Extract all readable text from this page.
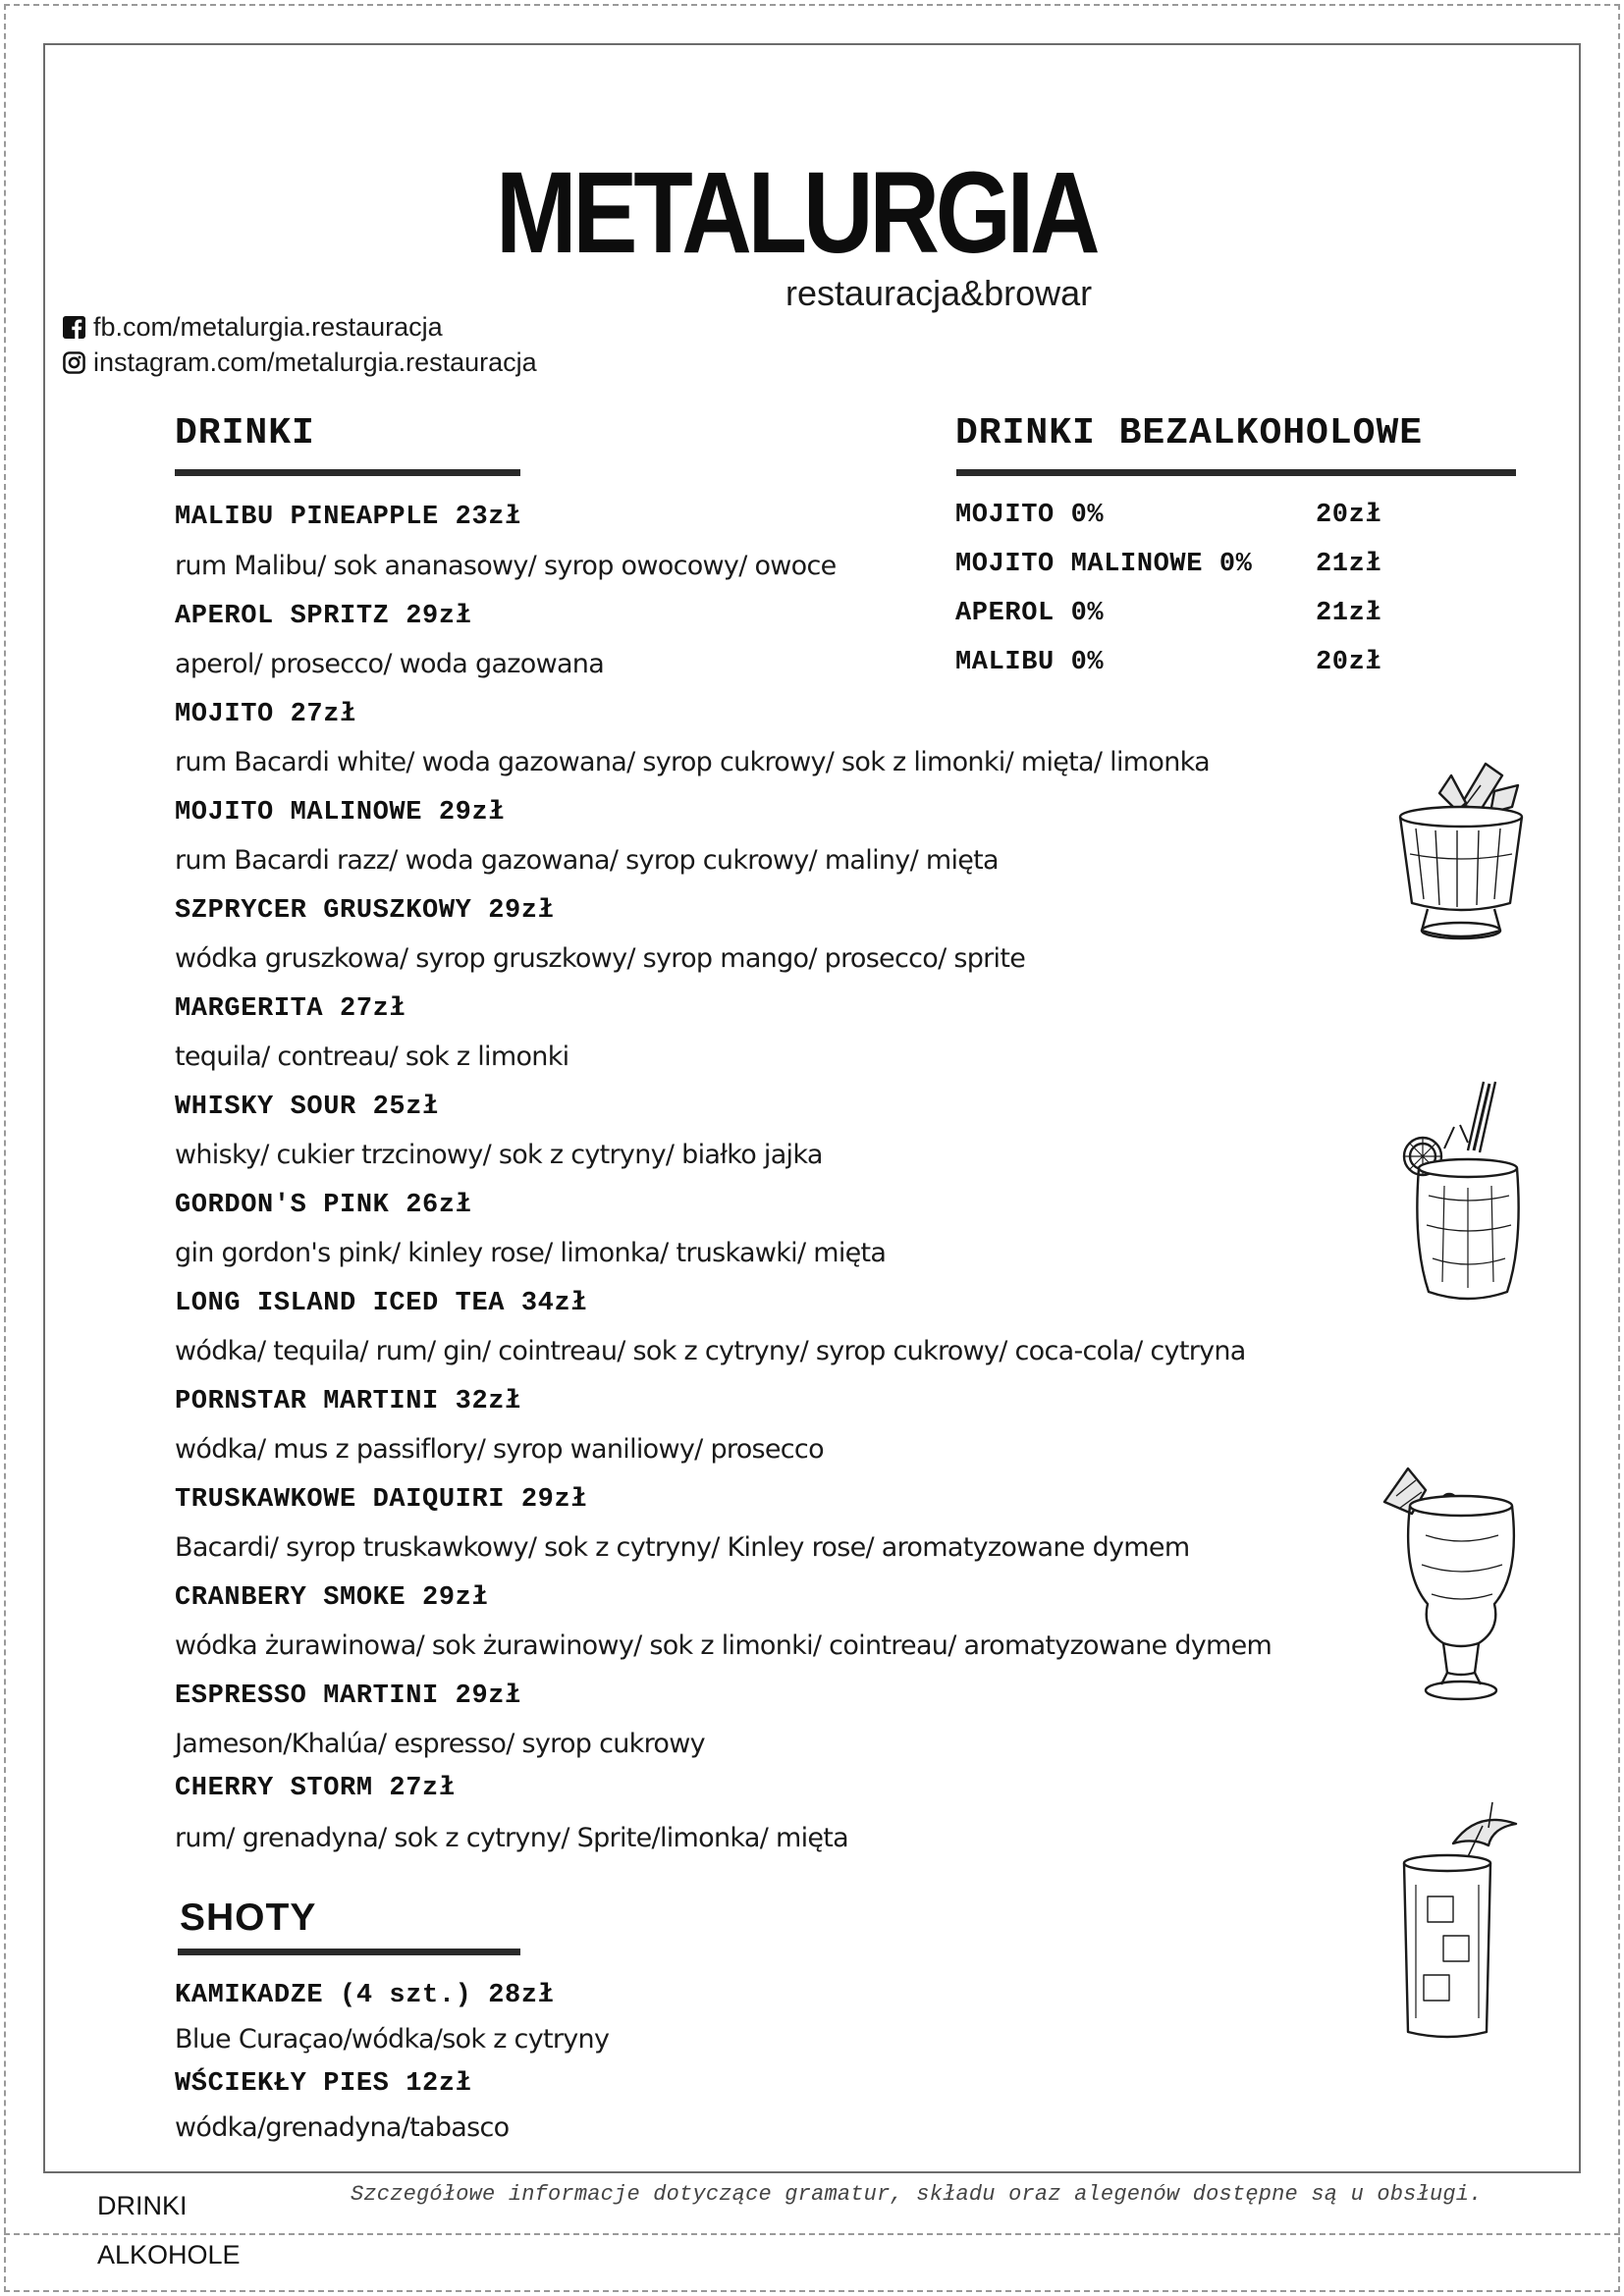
METALURGIA
restauracja&browar
fb.com/metalurgia.restauracja
instagram.com/metalurgia.restauracja
DRINKI
MALIBU PINEAPPLE 23zł
rum Malibu/ sok ananasowy/ syrop owocowy/ owoce
APEROL SPRITZ 29zł
aperol/ prosecco/ woda gazowana
MOJITO 27zł
rum Bacardi white/ woda gazowana/ syrop cukrowy/ sok z limonki/ mięta/ limonka
MOJITO MALINOWE 29zł
rum Bacardi razz/ woda gazowana/ syrop cukrowy/ maliny/ mięta
SZPRYCER GRUSZKOWY 29zł
wódka gruszkowa/ syrop gruszkowy/ syrop mango/ prosecco/ sprite
MARGERITA 27zł
tequila/ contreau/ sok z limonki
WHISKY SOUR 25zł
whisky/ cukier trzcinowy/ sok z cytryny/ białko jajka
GORDON'S PINK 26zł
gin gordon's pink/ kinley rose/ limonka/ truskawki/ mięta
LONG ISLAND ICED TEA 34zł
wódka/ tequila/ rum/ gin/ cointreau/ sok z cytryny/ syrop cukrowy/ coca-cola/ cytryna
PORNSTAR MARTINI 32zł
wódka/ mus z passiflory/ syrop waniliowy/ prosecco
TRUSKAWKOWE DAIQUIRI 29zł
Bacardi/ syrop truskawkowy/ sok z cytryny/ Kinley rose/ aromatyzowane dymem
CRANBERY SMOKE 29zł
wódka żurawinowa/ sok żurawinowy/ sok z limonki/ cointreau/ aromatyzowane dymem
ESPRESSO MARTINI 29zł
Jameson/Khalúa/ espresso/ syrop cukrowy
CHERRY STORM 27zł
rum/ grenadyna/ sok z cytryny/ Sprite/limonka/ mięta
DRINKI BEZALKOHOLOWE
MOJITO 0%	20zł
MOJITO MALINOWE 0% 21zł
APEROL 0%	21zł
MALIBU 0%	20zł
SHOTY
KAMIKADZE (4 szt.) 28zł
Blue Curaçao/wódka/sok z cytryny
WŚCIEKŁY PIES 12zł
wódka/grenadyna/tabasco
Szczegółowe informacje dotyczące gramatur, składu oraz alegenów dostępne są u obsługi.
DRINKI
ALKOHOLE
